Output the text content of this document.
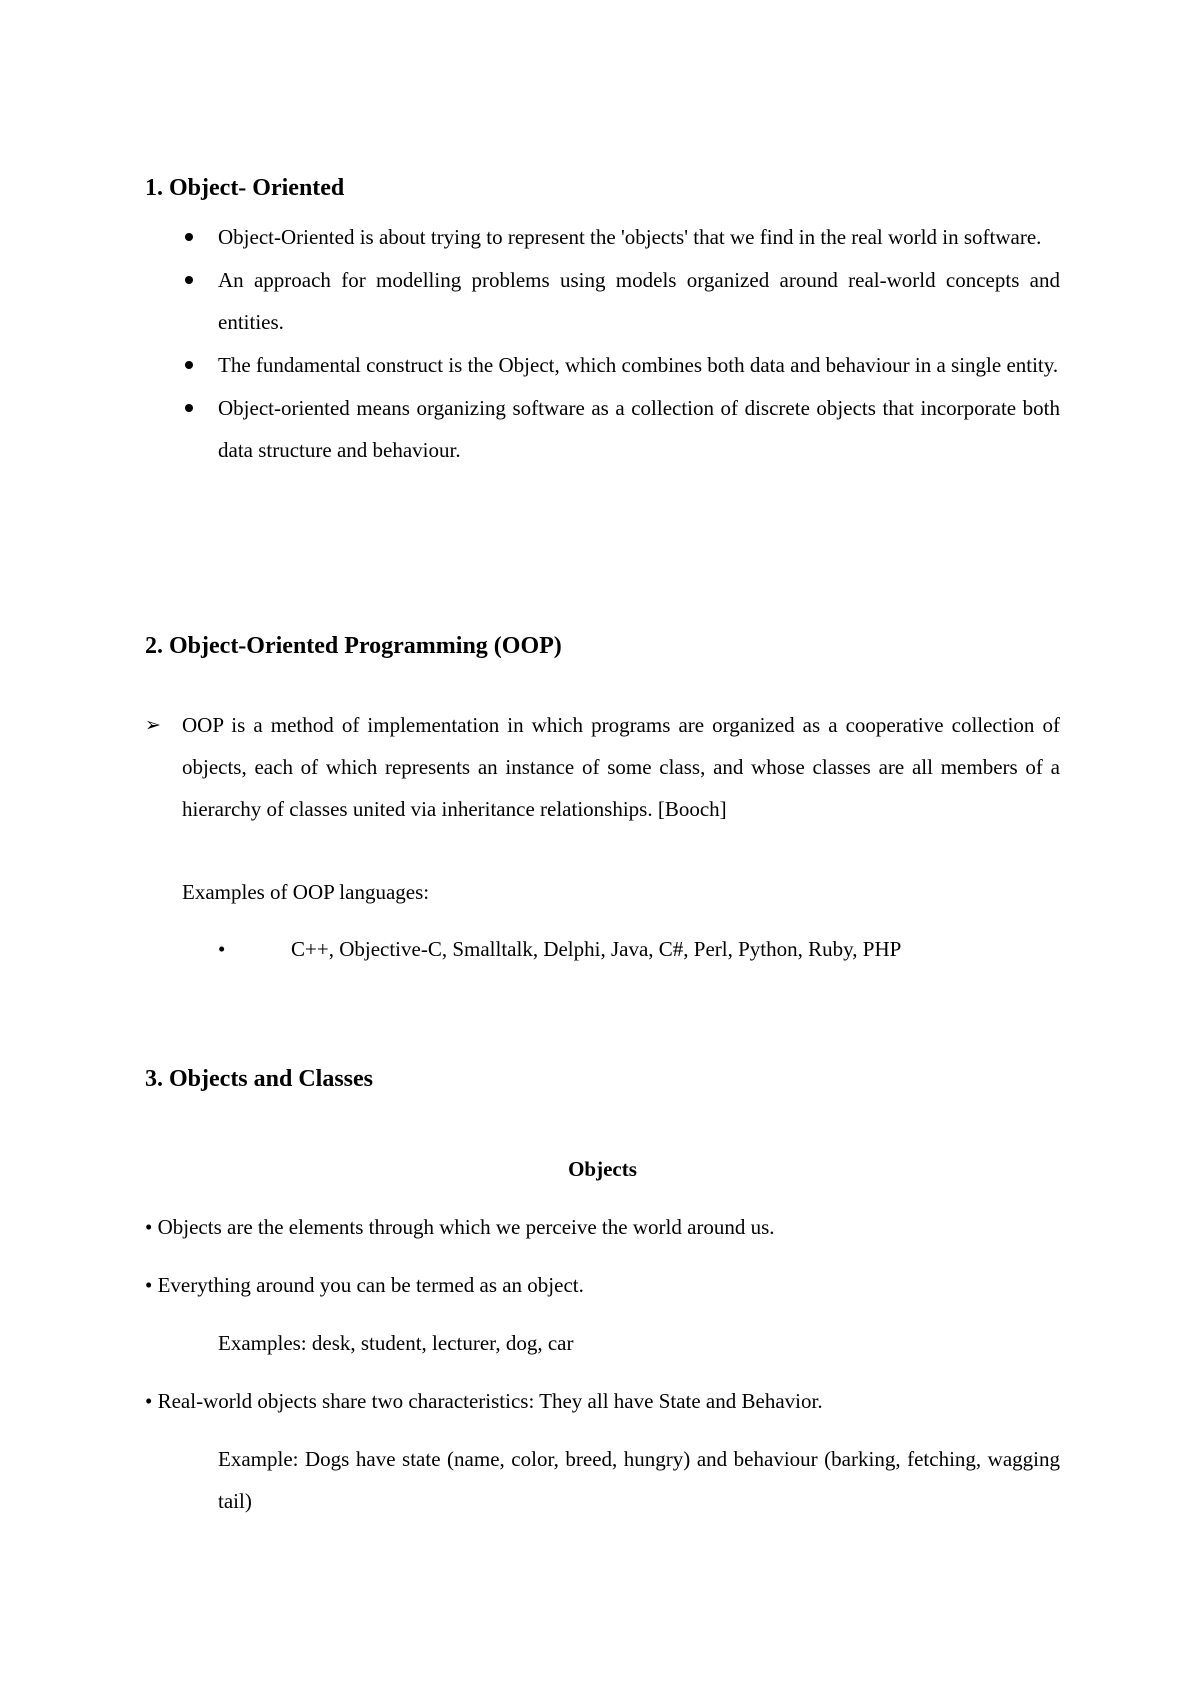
1. Object- Oriented
Object-Oriented is about trying to represent the 'objects' that we find in the real world in software.
An approach for modelling problems using models organized around real-world concepts and entities.
The fundamental construct is the Object, which combines both data and behaviour in a single entity.
Object-oriented means organizing software as a collection of discrete objects that incorporate both data structure and behaviour.
2. Object-Oriented Programming (OOP)
➢	OOP is a method of implementation in which programs are organized as a cooperative collection of objects, each of which represents an instance of some class, and whose classes are all members of a hierarchy of classes united via inheritance relationships. [Booch]
Examples of OOP languages:
•	C++, Objective-C, Smalltalk, Delphi, Java, C#, Perl, Python, Ruby, PHP
3. Objects and Classes
Objects
• Objects are the elements through which we perceive the world around us.
• Everything around you can be termed as an object.
Examples: desk, student, lecturer, dog, car
• Real-world objects share two characteristics: They all have State and Behavior.
Example: Dogs have state (name, color, breed, hungry) and behaviour (barking, fetching, wagging tail)
